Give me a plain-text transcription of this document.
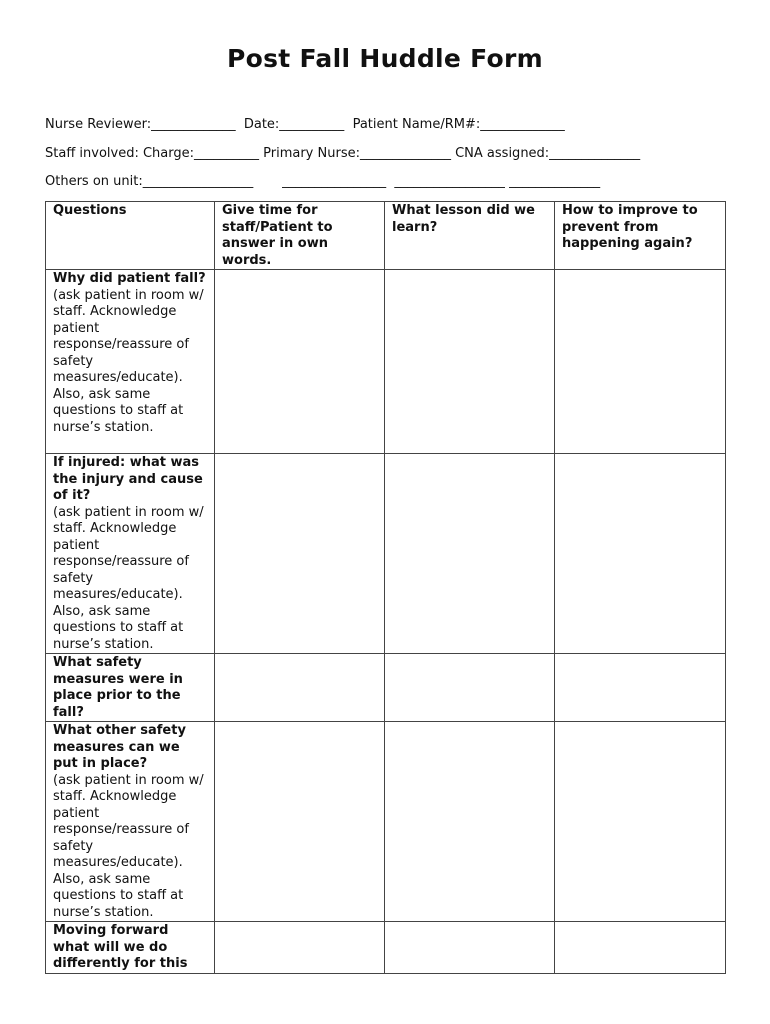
Post Fall Huddle Form
Nurse Reviewer:_____________ Date:__________ Patient Name/RM#:_____________
Staff involved: Charge:__________ Primary Nurse:______________ CNA assigned:______________
Others on unit:_________________ ________________ _________________ ______________
Questions	Give time for staff/Patient to answer in own words.	What lesson did we learn?	How to improve to prevent from happening again?

Why did patient fall?
(ask patient in room w/ staff. Acknowledge patient response/reassure of safety measures/educate). Also, ask same questions to staff at nurse’s station.			

If injured: what was the injury and cause of it?
(ask patient in room w/ staff. Acknowledge patient response/reassure of safety measures/educate). Also, ask same questions to staff at nurse’s station.			

What safety measures were in place prior to the fall?			

What other safety measures can we put in place?
(ask patient in room w/ staff. Acknowledge patient response/reassure of safety measures/educate). Also, ask same questions to staff at nurse’s station.			

Moving forward what will we do differently for this			
